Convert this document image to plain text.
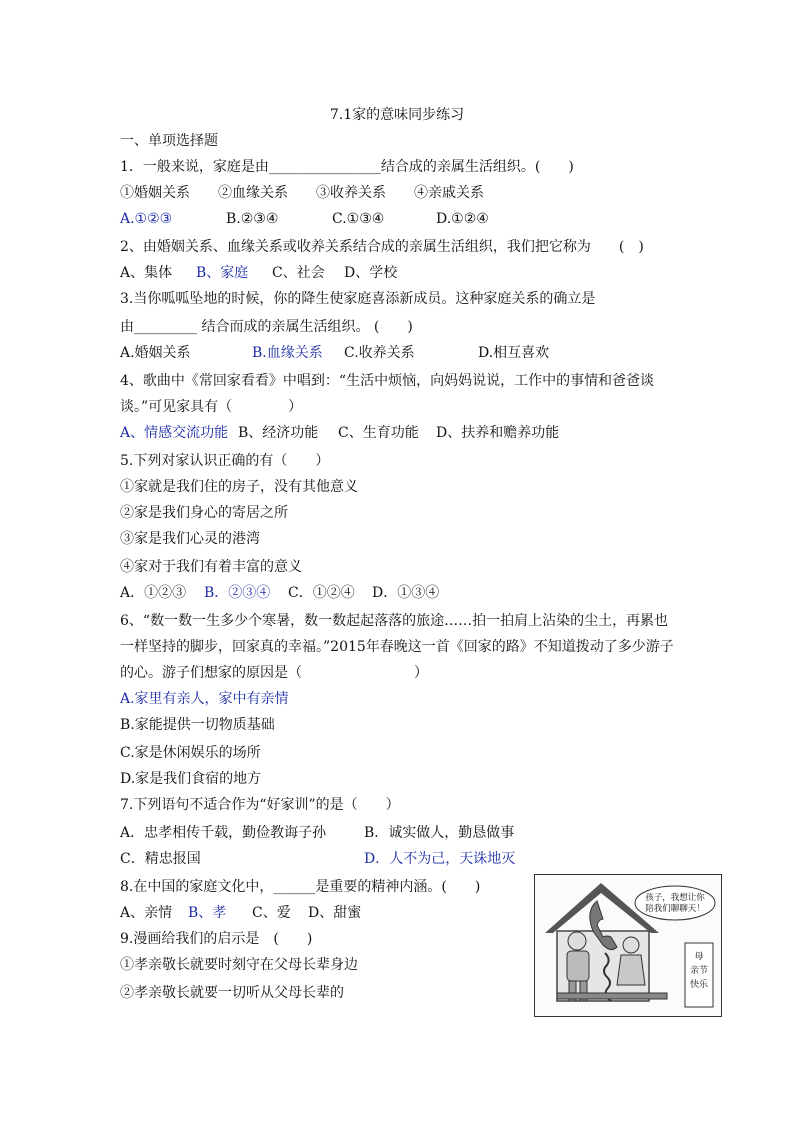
7.1家的意味同步练习
一、单项选择题
1．一般来说，家庭是由________________结合成的亲属生活组织。(　　)
①婚姻关系　　②血缘关系　　③收养关系　　④亲戚关系
A.①②③	B.②③④	C.①③④	D.①②④
2、由婚姻关系、血缘关系或收养关系结合成的亲属生活组织，我们把它称为　　(　)
A、集体 B、家庭 C、社会 D、学校
3.当你呱呱坠地的时候，你的降生使家庭喜添新成员。这种家庭关系的确立是
由_________ 结合而成的亲属生活组织。 (　　)
A.婚姻关系	B.血缘关系 C.收养关系	D.相互喜欢
4、歌曲中《常回家看看》中唱到：“生活中烦恼，向妈妈说说，工作中的事情和爸爸谈
谈。”可见家具有（　　　　）
A、情感交流功能 B、经济功能 C、生育功能 D、扶养和赡养功能
5.下列对家认识正确的有（　　）
①家就是我们住的房子，没有其他意义
②家是我们身心的寄居之所
③家是我们心灵的港湾
④家对于我们有着丰富的意义
A．①②③ B．②③④ C．①②④ D．①③④
6、“数一数一生多少个寒暑，数一数起起落落的旅途……拍一拍肩上沾染的尘土，再累也
一样坚持的脚步，回家真的幸福。”2015年春晚这一首《回家的路》不知道拨动了多少游子
的心。游子们想家的原因是（　　　　　　　　）
A.家里有亲人，家中有亲情
B.家能提供一切物质基础
C.家是休闲娱乐的场所
D.家是我们食宿的地方
7.下列语句不适合作为“好家训”的是（　　）
A．忠孝相传千载，勤俭教诲子孙	B．诚实做人，勤恳做事
C．精忠报国	D．人不为己，天诛地灭
8.在中国的家庭文化中，______是重要的精神内涵。(　　)
A、亲情 B、孝 C、爱 D、甜蜜
9.漫画给我们的启示是　(　　)
①孝亲敬长就要时刻守在父母长辈身边
②孝亲敬长就要一切听从父母长辈的
孩子，我想让你
陪我们聊聊天！
母
亲节
快乐
